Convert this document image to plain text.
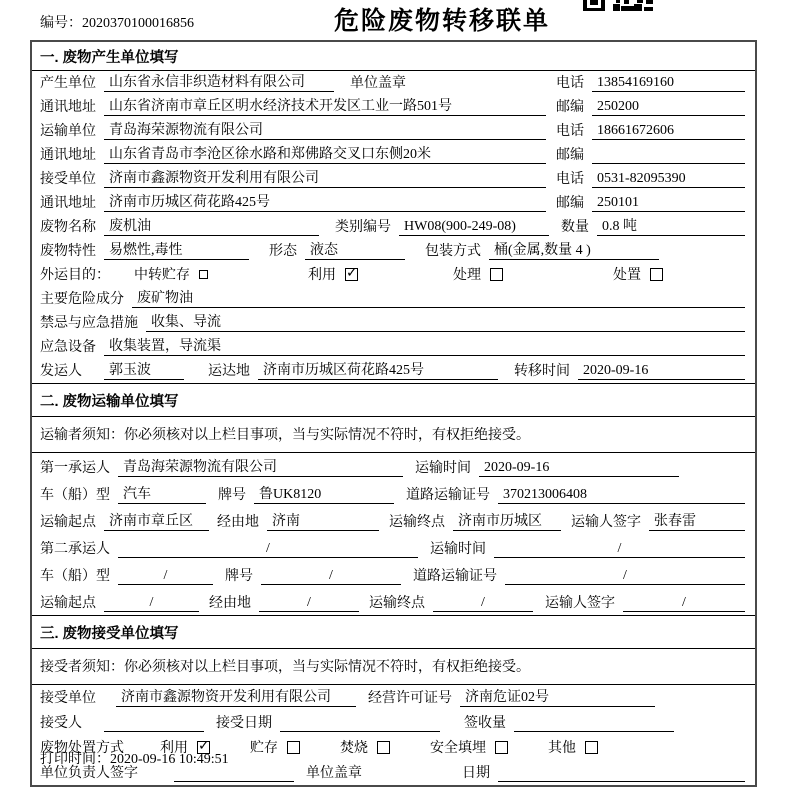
编号：2020370100016856	危险废物转移联单
一. 废物产生单位填写
产生单位 山东省永信非织造材料有限公司	单位盖章	电话 13854169160
通讯地址 山东省济南市章丘区明水经济技术开发区工业一路501号	邮编 250200
运输单位 青岛海荣源物流有限公司	电话 18661672606
通讯地址 山东省青岛市李沧区徐水路和郑佛路交叉口东侧20米	邮编
接受单位 济南市鑫源物资开发利用有限公司	电话 0531-82095390
通讯地址 济南市历城区荷花路425号	邮编 250101
废物名称 废机油	类别编号 HW08(900-249-08)	数量 0.8 吨
废物特性 易燃性,毒性	形态 液态	包装方式 桶(金属,数量 4 )
外运目的： 中转贮存	利用 ✓	处理	处置
主要危险成分 废矿物油
禁忌与应急措施 收集、导流
应急设备 收集装置，导流渠
发运人	郭玉波	运达地 济南市历城区荷花路425号	转移时间 2020-09-16
二. 废物运输单位填写
运输者须知：你必须核对以上栏目事项，当与实际情况不符时，有权拒绝接受。
第一承运人 青岛海荣源物流有限公司	运输时间 2020-09-16
车（船）型 汽车	牌号 鲁UK8120	道路运输证号 370213006408
运输起点 济南市章丘区	经由地 济南	运输终点 济南市历城区	运输人签字 张春雷
第二承运人	/	运输时间	/
车（船）型	/	牌号	/	道路运输证号	/
运输起点	/	经由地	/	运输终点	/	运输人签字	/
三. 废物接受单位填写
接受者须知：你必须核对以上栏目事项，当与实际情况不符时，有权拒绝接受。
接受单位	济南市鑫源物资开发利用有限公司	经营许可证号 济南危证02号
接受人	接受日期	签收量
废物处置方式	利用 ✓	贮存	焚烧	安全填埋	其他
单位负责人签字	单位盖章	日期
打印时间：2020-09-16 10:49:51
